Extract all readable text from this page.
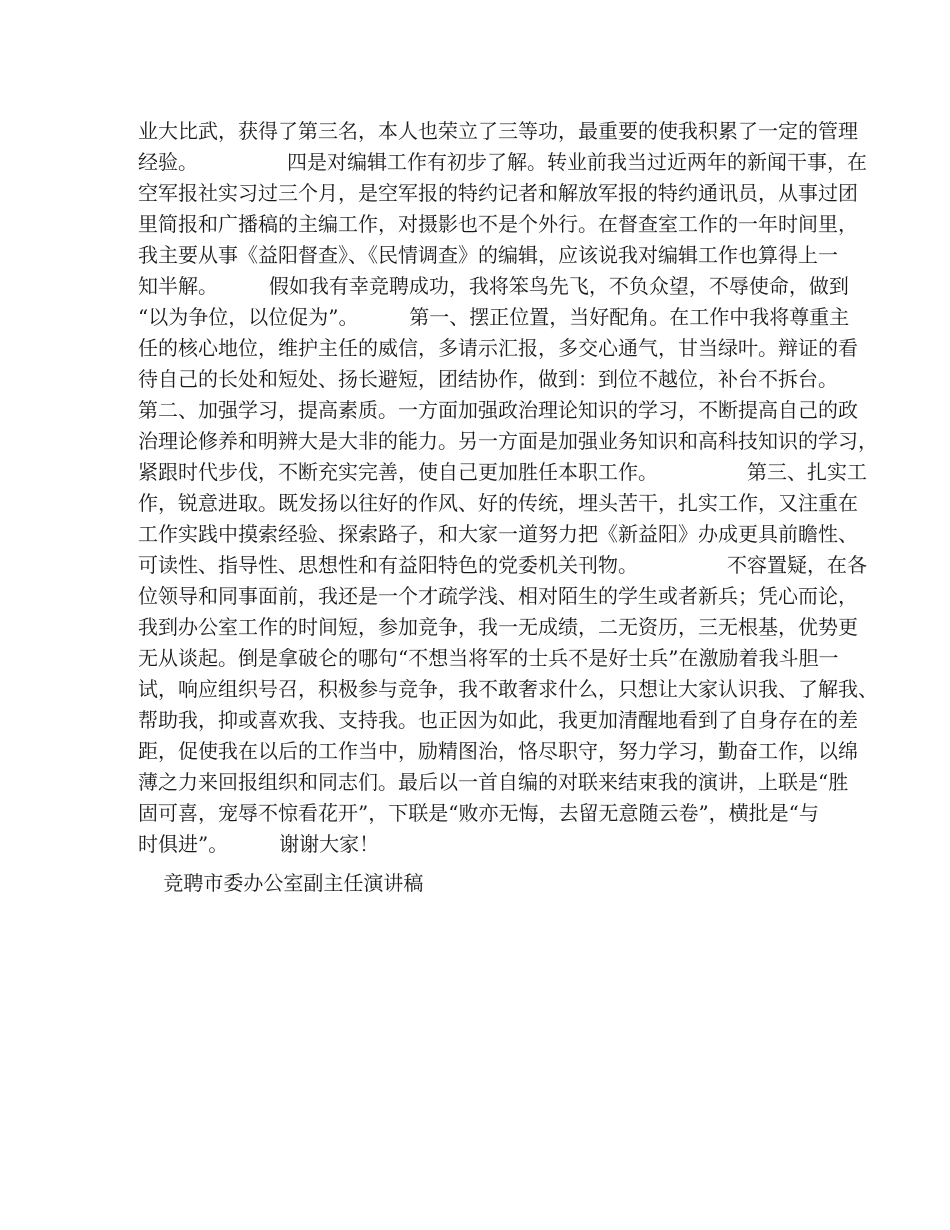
业大比武，获得了第三名，本人也荣立了三等功，最重要的使我积累了一定的管理
经验。              四是对编辑工作有初步了解。转业前我当过近两年的新闻干事，在
空军报社实习过三个月，是空军报的特约记者和解放军报的特约通讯员，从事过团
里简报和广播稿的主编工作，对摄影也不是个外行。在督查室工作的一年时间里，
我主要从事《益阳督查》、《民情调查》的编辑，应该说我对编辑工作也算得上一
知半解。        假如我有幸竞聘成功，我将笨鸟先飞，不负众望，不辱使命，做到
“以为争位，以位促为”。        第一、摆正位置，当好配角。在工作中我将尊重主
任的核心地位，维护主任的威信，多请示汇报，多交心通气，甘当绿叶。辩证的看
待自己的长处和短处、扬长避短，团结协作，做到：到位不越位，补台不拆台。
第二、加强学习，提高素质。一方面加强政治理论知识的学习，不断提高自己的政
治理论修养和明辨大是大非的能力。另一方面是加强业务知识和高科技知识的学习，
紧跟时代步伐，不断充实完善，使自己更加胜任本职工作。              第三、扎实工
作，锐意进取。既发扬以往好的作风、好的传统，埋头苦干，扎实工作，又注重在
工作实践中摸索经验、探索路子，和大家一道努力把《新益阳》办成更具前瞻性、
可读性、指导性、思想性和有益阳特色的党委机关刊物。              不容置疑，在各
位领导和同事面前，我还是一个才疏学浅、相对陌生的学生或者新兵；凭心而论，
我到办公室工作的时间短，参加竞争，我一无成绩，二无资历，三无根基，优势更
无从谈起。倒是拿破仑的哪句“不想当将军的士兵不是好士兵”在激励着我斗胆一
试，响应组织号召，积极参与竞争，我不敢奢求什么，只想让大家认识我、了解我、
帮助我，抑或喜欢我、支持我。也正因为如此，我更加清醒地看到了自身存在的差
距，促使我在以后的工作当中，励精图治，恪尽职守，努力学习，勤奋工作，以绵
薄之力来回报组织和同志们。最后以一首自编的对联来结束我的演讲，上联是“胜
固可喜，宠辱不惊看花开”，下联是“败亦无悔，去留无意随云卷”，横批是“与
时俱进”。        谢谢大家！
竞聘市委办公室副主任演讲稿
